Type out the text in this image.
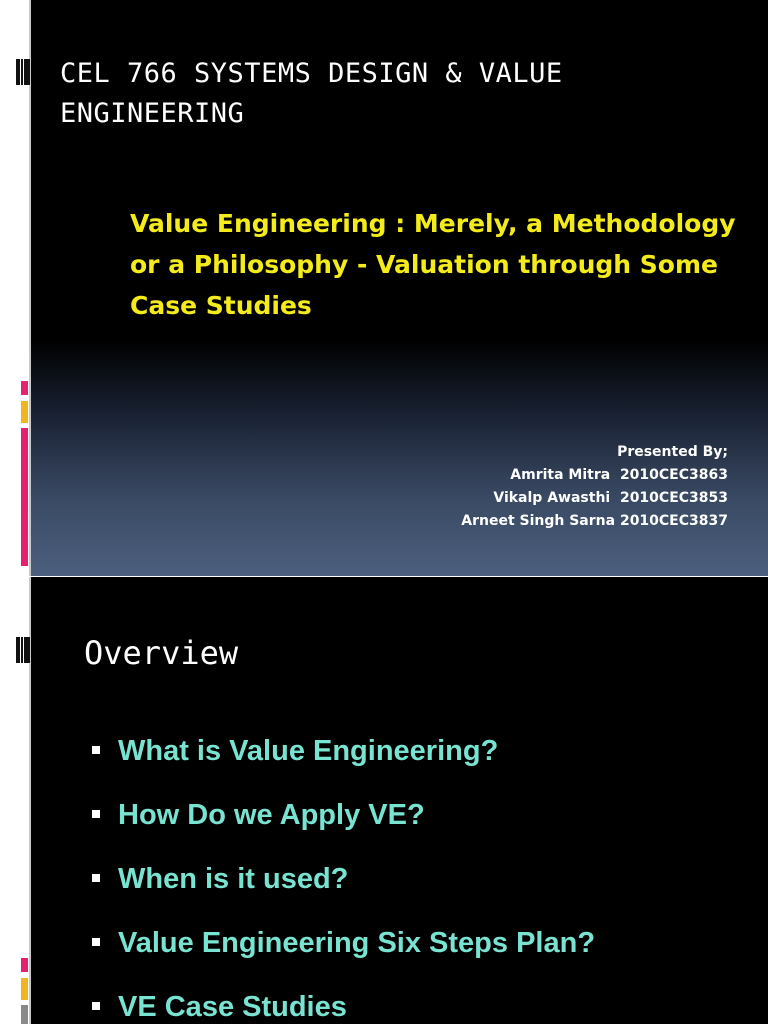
CEL 766 SYSTEMS DESIGN & VALUE ENGINEERING
Value Engineering : Merely, a Methodology or a Philosophy - Valuation through Some Case Studies
Presented By;
Amrita Mitra  2010CEC3863
Vikalp Awasthi  2010CEC3853
Arneet Singh Sarna 2010CEC3837
Overview
What is Value Engineering?
How Do we Apply VE?
When is it used?
Value Engineering Six Steps Plan?
VE Case Studies
